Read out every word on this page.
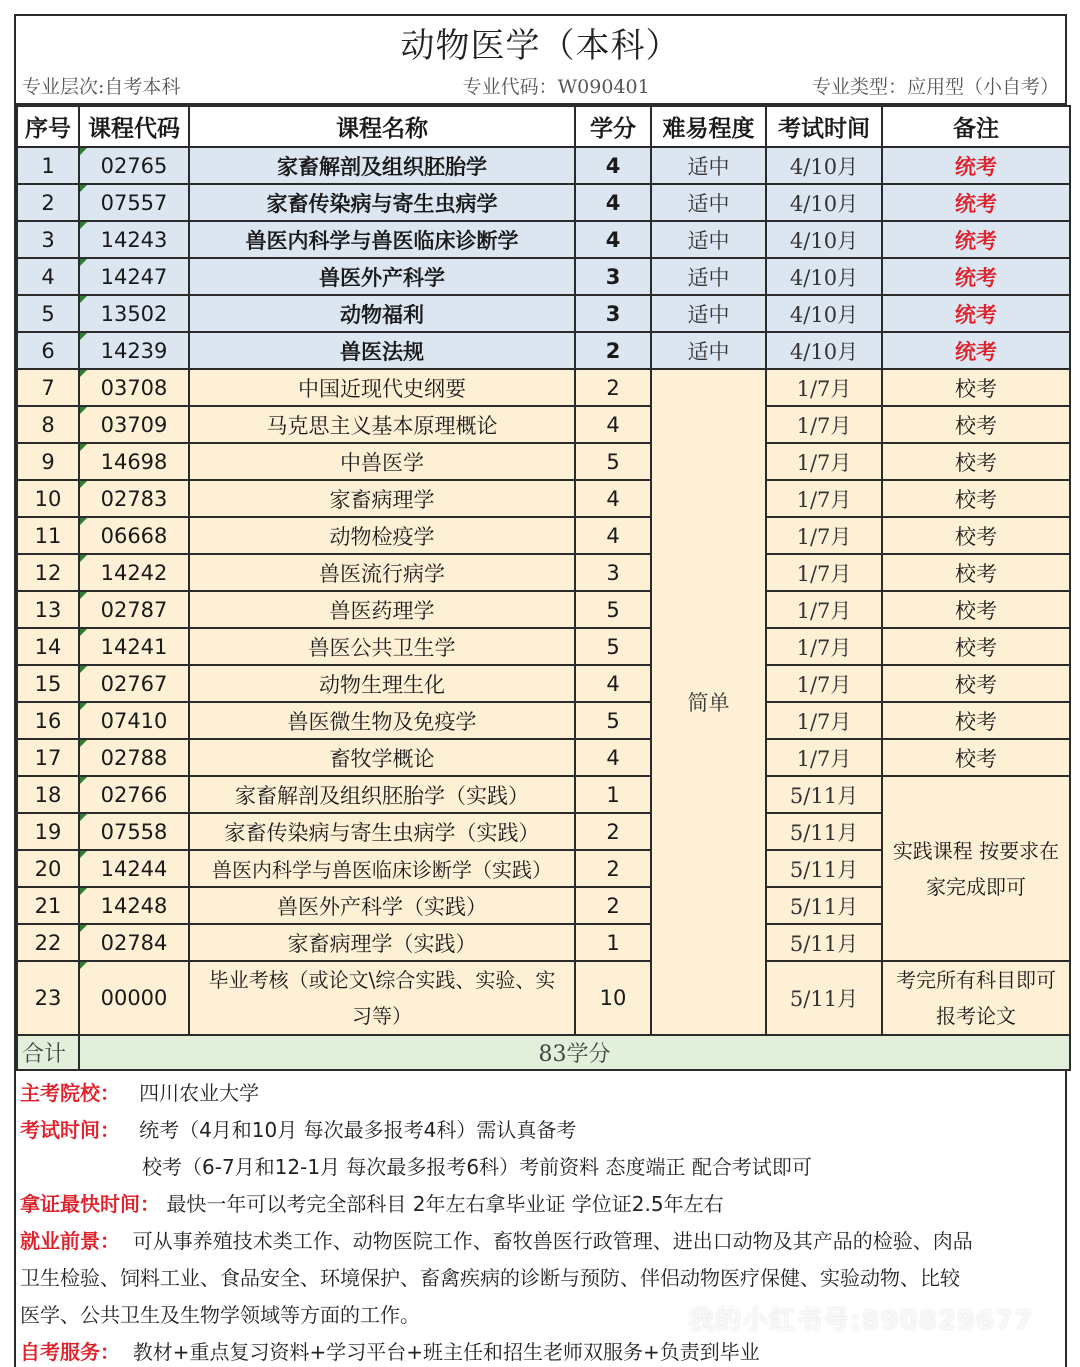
动物医学（本科）
专业层次:自考本科	专业代码：W090401	专业类型：应用型（小自考）
序号	课程代码	课程名称	学分	难易程度	考试时间	备注
1	02765	家畜解剖及组织胚胎学	4	适中	4/10月	统考
2	07557	家畜传染病与寄生虫病学	4	适中	4/10月	统考
3	14243	兽医内科学与兽医临床诊断学	4	适中	4/10月	统考
4	14247	兽医外产科学	3	适中	4/10月	统考
5	13502	动物福利	3	适中	4/10月	统考
6	14239	兽医法规	2	适中	4/10月	统考
7	03708	中国近现代史纲要	2	简单	1/7月	校考
8	03709	马克思主义基本原理概论	4		1/7月	校考
9	14698	中兽医学	5		1/7月	校考
10	02783	家畜病理学	4		1/7月	校考
11	06668	动物检疫学	4		1/7月	校考
12	14242	兽医流行病学	3		1/7月	校考
13	02787	兽医药理学	5		1/7月	校考
14	14241	兽医公共卫生学	5		1/7月	校考
15	02767	动物生理生化	4		1/7月	校考
16	07410	兽医微生物及免疫学	5		1/7月	校考
17	02788	畜牧学概论	4		1/7月	校考
18	02766	家畜解剖及组织胚胎学（实践）	1		5/11月	实践课程 按要求在家完成即可
19	07558	家畜传染病与寄生虫病学（实践）	2		5/11月	
20	14244	兽医内科学与兽医临床诊断学（实践）	2		5/11月	
21	14248	兽医外产科学（实践）	2		5/11月	
22	02784	家畜病理学（实践）	1		5/11月	
23	00000	毕业考核（或论文\综合实践、实验、实习等）	10		5/11月	考完所有科目即可报考论文
合计	83学分					
主考院校： 四川农业大学
考试时间： 统考（4月和10月 每次最多报考4科）需认真备考
校考（6-7月和12-1月 每次最多报考6科）考前资料 态度端正 配合考试即可
拿证最快时间： 最快一年可以考完全部科目 2年左右拿毕业证 学位证2.5年左右
就业前景： 可从事养殖技术类工作、动物医院工作、畜牧兽医行政管理、进出口动物及其产品的检验、肉品
卫生检验、饲料工业、食品安全、环境保护、畜禽疾病的诊断与预防、伴侣动物医疗保健、实验动物、比较
医学、公共卫生及生物学领域等方面的工作。
自考服务： 教材+重点复习资料+学习平台+班主任和招生老师双服务+负责到毕业
我的小红书号:890829677
